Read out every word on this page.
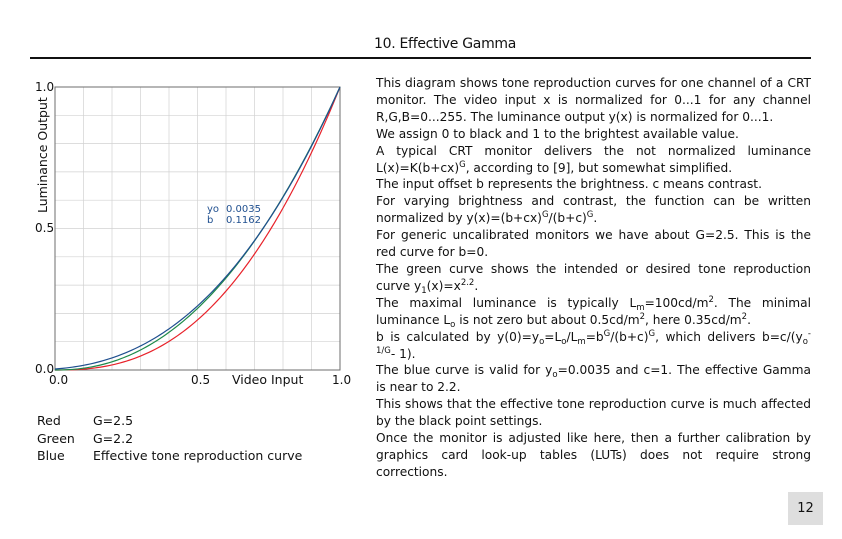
10. Effective Gamma
Luminance Output
1.0
0.5
0.0
0.0	0.5 Video Input 1.0
yo 0.0035
b 0.1162
Red	G=2.5
Green	G=2.2
Blue	Effective tone reproduction curve

This diagram shows tone reproduction curves for one channel of a CRT monitor. The video input x is normalized for 0...1 for any channel R,G,B=0...255. The luminance output y(x) is normalized for 0...1.

We assign 0 to black and 1 to the brightest available value.

A typical CRT monitor delivers the not normalized luminance $L(x)=K(b+cx)^G$, according to [9], but somewhat simplified.

The input offset b represents the brightness. c means contrast.

For varying brightness and contrast, the function can be written normalized by $y(x)=(b+cx)^G/(b+c)^G$.

For generic uncalibrated monitors we have about G=2.5. This is the red curve for b=0.

The green curve shows the intended or desired tone reproduction curve $y_1(x)=x^{2.2}$.

The maximal luminance is typically $L_m=100cd/m^2$. The minimal luminance $L_o$ is not zero but about $0.5cd/m^2$, here $0.35cd/m^2$.

b is calculated by $y(0)=y_o=L_o/L_m=b^G/(b+c)^G$, which delivers $b=c/(y_o^{-1/G}-$ 1).

The blue curve is valid for $y_o=0.0035$ and c=1. The effective Gamma is near to 2.2.

This shows that the effective tone reproduction curve is much affected by the black point settings.

Once the monitor is adjusted like here, then a further calibration by graphics card look-up tables (LUTs) does not require strong corrections.

12
